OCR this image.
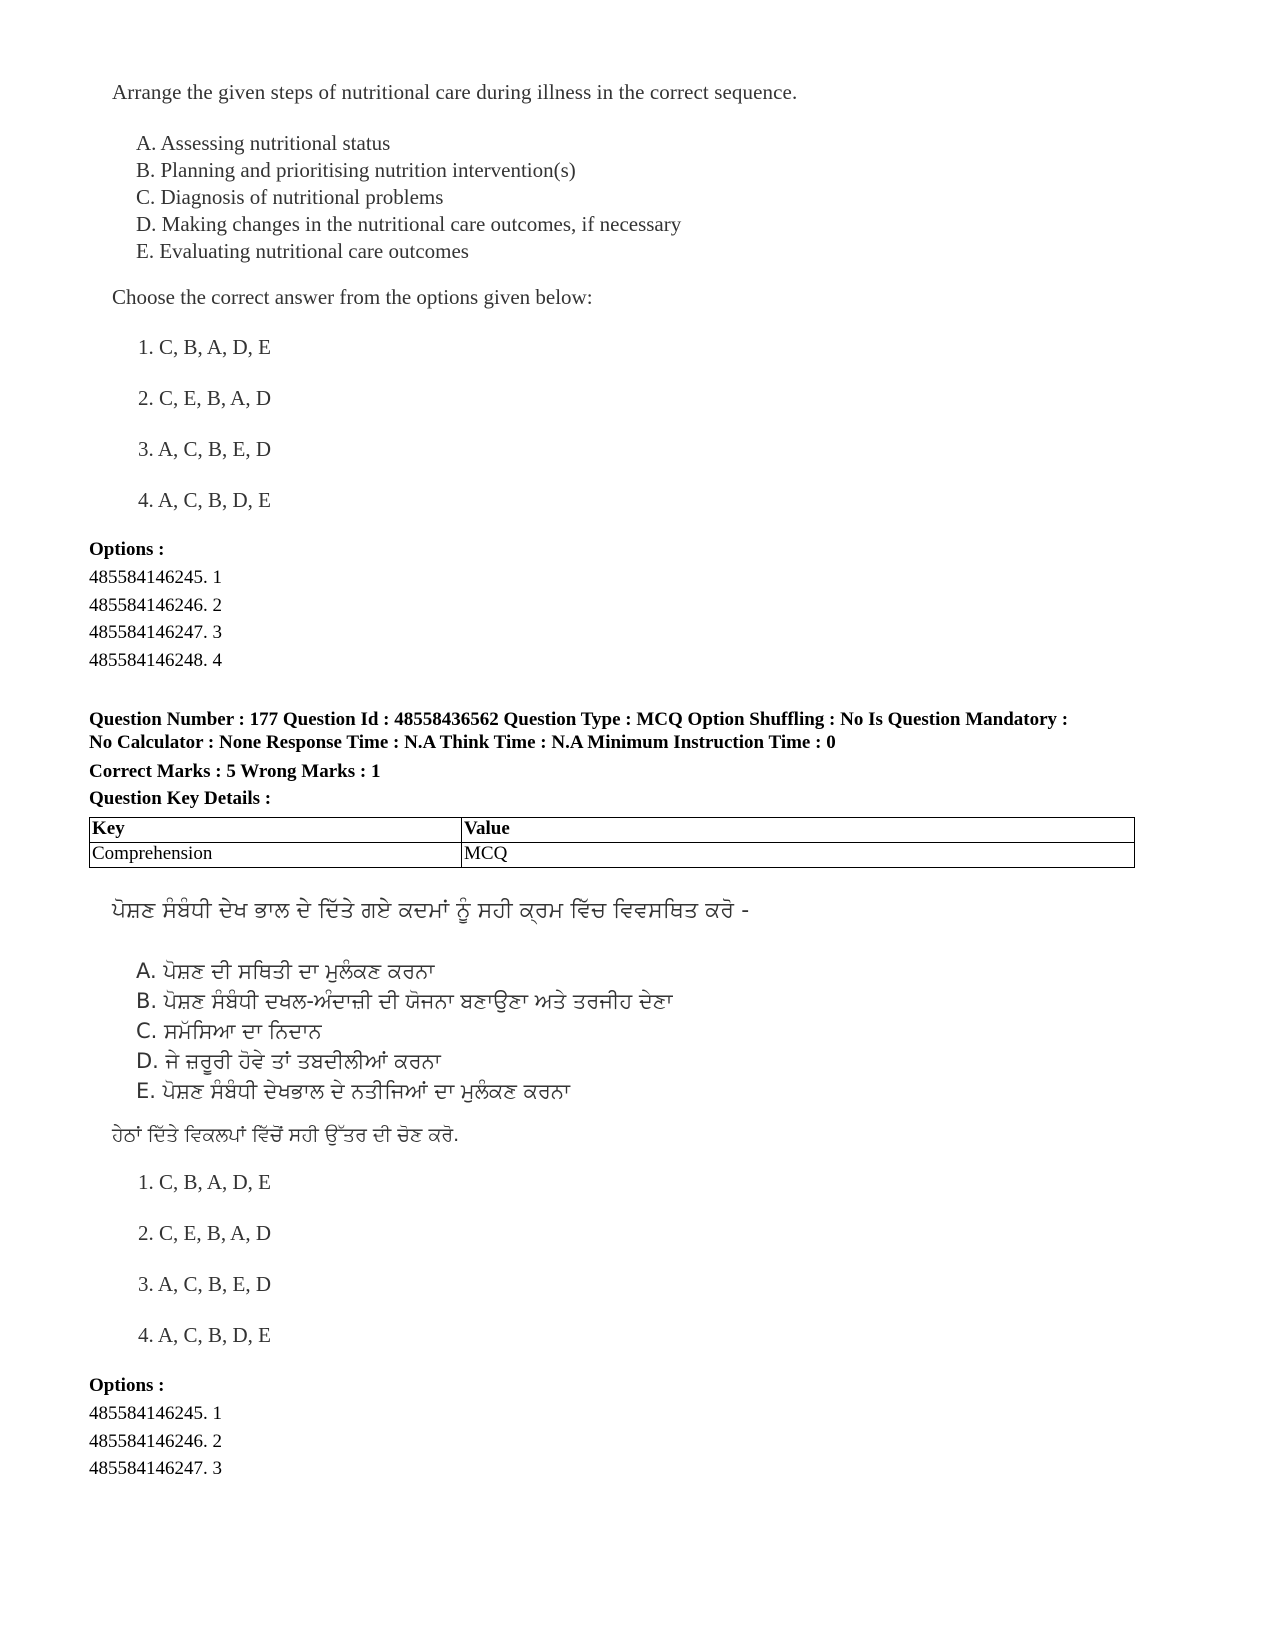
Arrange the given steps of nutritional care during illness in the correct sequence.
A. Assessing nutritional status
B. Planning and prioritising nutrition intervention(s)
C. Diagnosis of nutritional problems
D. Making changes in the nutritional care outcomes, if necessary
E. Evaluating nutritional care outcomes
Choose the correct answer from the options given below:
1. C, B, A, D, E
2. C, E, B, A, D
3. A, C, B, E, D
4. A, C, B, D, E
Options :
485584146245. 1
485584146246. 2
485584146247. 3
485584146248. 4
Question Number : 177 Question Id : 48558436562 Question Type : MCQ Option Shuffling : No Is Question Mandatory :
No Calculator : None Response Time : N.A Think Time : N.A Minimum Instruction Time : 0
Correct Marks : 5 Wrong Marks : 1
Question Key Details :
Key	Value
Comprehension	MCQ
ਪੋਸ਼ਣ ਸੰਬੰਧੀ ਦੇਖ ਭਾਲ ਦੇ ਦਿੱਤੇ ਗਏ ਕਦਮਾਂ ਨੂੰ ਸਹੀ ਕ੍ਰਮ ਵਿੱਚ ਵਿਵਸਥਿਤ ਕਰੋ -
A. ਪੋਸ਼ਣ ਦੀ ਸਥਿਤੀ ਦਾ ਮੁਲੰਕਣ ਕਰਨਾ
B. ਪੋਸ਼ਣ ਸੰਬੰਧੀ ਦਖਲ-ਅੰਦਾਜ਼ੀ ਦੀ ਯੋਜਨਾ ਬਣਾਉਣਾ ਅਤੇ ਤਰਜੀਹ ਦੇਣਾ
C. ਸਮੱਸਿਆ ਦਾ ਨਿਦਾਨ
D. ਜੇ ਜ਼ਰੂਰੀ ਹੋਵੇ ਤਾਂ ਤਬਦੀਲੀਆਂ ਕਰਨਾ
E. ਪੋਸ਼ਣ ਸੰਬੰਧੀ ਦੇਖਭਾਲ ਦੇ ਨਤੀਜਿਆਂ ਦਾ ਮੁਲੰਕਣ ਕਰਨਾ
ਹੇਠਾਂ ਦਿੱਤੇ ਵਿਕਲਪਾਂ ਵਿੱਚੋਂ ਸਹੀ ਉੱਤਰ ਦੀ ਚੋਣ ਕਰੋ.
1. C, B, A, D, E
2. C, E, B, A, D
3. A, C, B, E, D
4. A, C, B, D, E
Options :
485584146245. 1
485584146246. 2
485584146247. 3
